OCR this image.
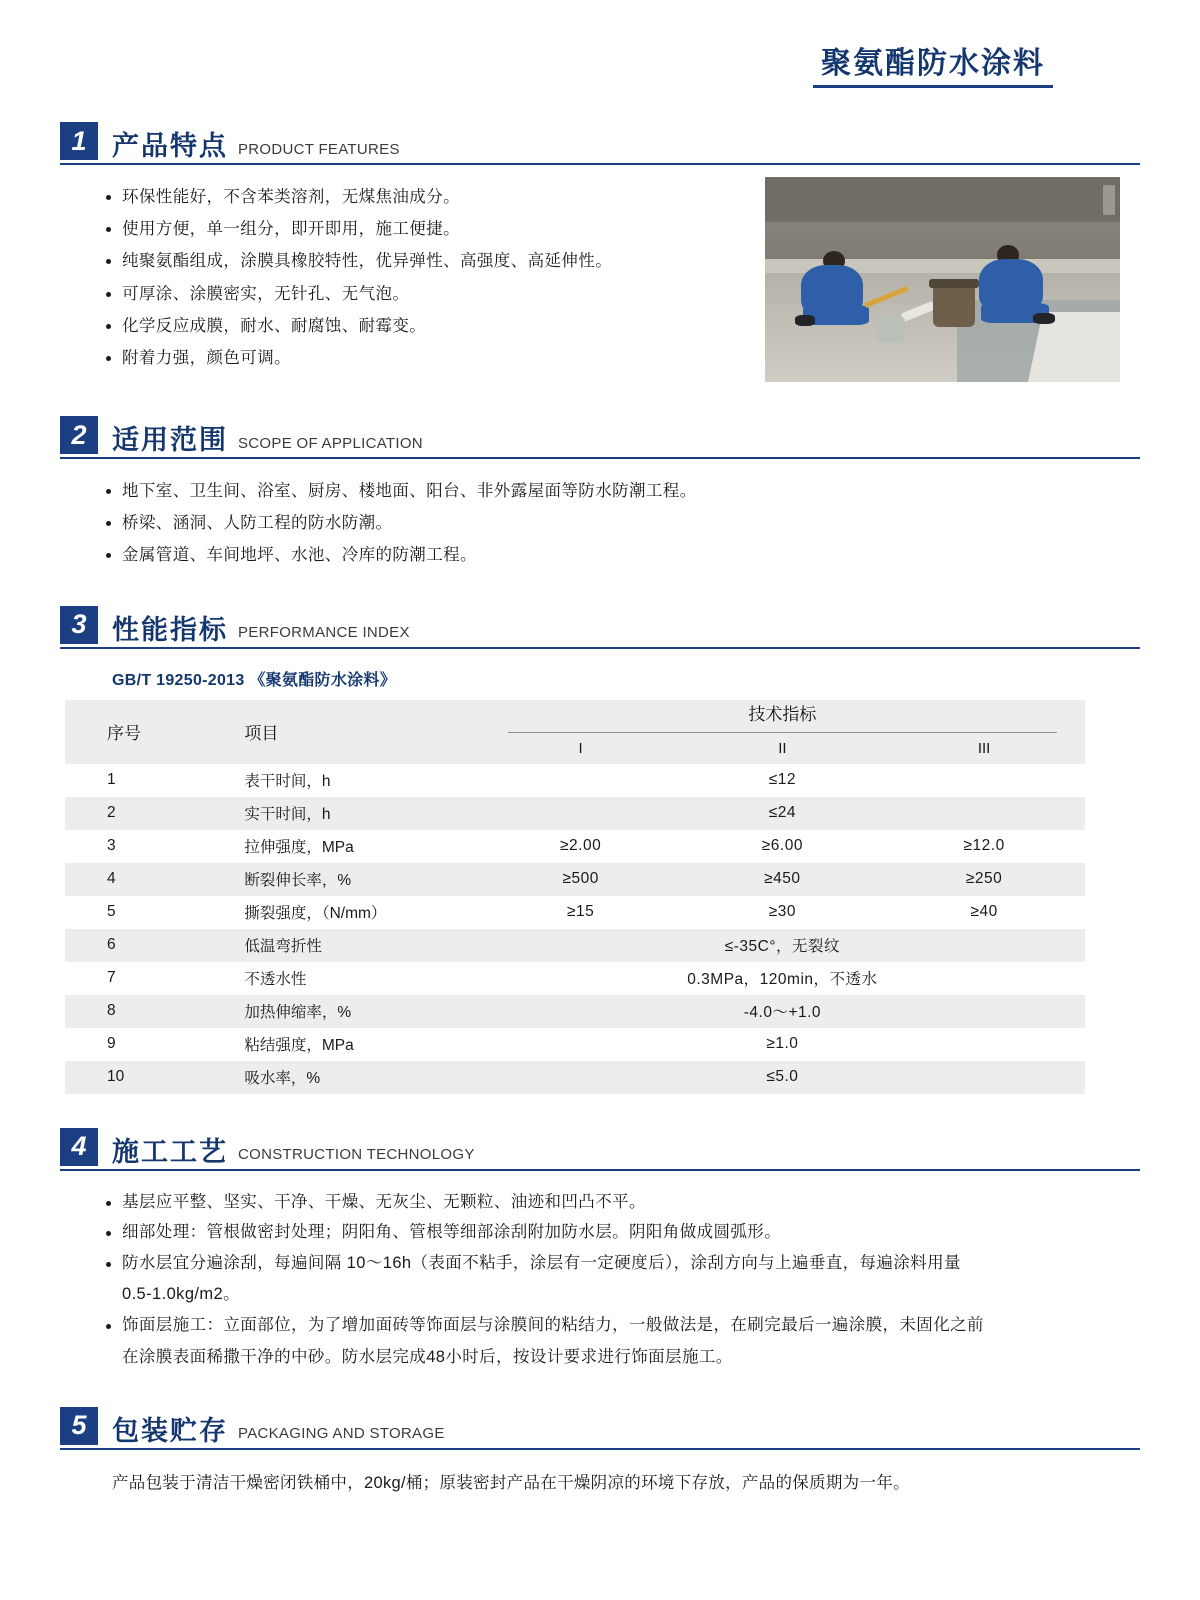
聚氨酯防水涂料
1 产品特点 PRODUCT FEATURES
环保性能好，不含苯类溶剂，无煤焦油成分。
使用方便，单一组分，即开即用，施工便捷。
纯聚氨酯组成，涂膜具橡胶特性，优异弹性、高强度、高延伸性。
可厚涂、涂膜密实，无针孔、无气泡。
化学反应成膜，耐水、耐腐蚀、耐霉变。
附着力强，颜色可调。
2 适用范围 SCOPE OF APPLICATION
地下室、卫生间、浴室、厨房、楼地面、阳台、非外露屋面等防水防潮工程。
桥梁、涵洞、人防工程的防水防潮。
金属管道、车间地坪、水池、冷库的防潮工程。
3 性能指标 PERFORMANCE INDEX
GB/T 19250-2013 《聚氨酯防水涂料》
序号	项目	技术指标		

		I	II	III
1	表干时间，h	≤12		
2	实干时间，h	≤24		
3	拉伸强度，MPa	≥2.00	≥6.00	≥12.0
4	断裂伸长率，%	≥500	≥450	≥250
5	撕裂强度，（N/mm）	≥15	≥30	≥40
6	低温弯折性	≤-35C°，无裂纹		
7	不透水性	0.3MPa，120min，不透水		
8	加热伸缩率，%	-4.0～+1.0		
9	粘结强度，MPa	≥1.0		
10	吸水率，%	≤5.0		
4 施工工艺 CONSTRUCTION TECHNOLOGY
基层应平整、坚实、干净、干燥、无灰尘、无颗粒、油迹和凹凸不平。
细部处理：管根做密封处理；阴阳角、管根等细部涂刮附加防水层。阴阳角做成圆弧形。
防水层宜分遍涂刮，每遍间隔 10～16h（表面不粘手，涂层有一定硬度后），涂刮方向与上遍垂直，每遍涂料用量
0.5-1.0kg/m2。
饰面层施工：立面部位，为了增加面砖等饰面层与涂膜间的粘结力，一般做法是，在刷完最后一遍涂膜，未固化之前
在涂膜表面稀撒干净的中砂。防水层完成48小时后，按设计要求进行饰面层施工。
5 包装贮存 PACKAGING AND STORAGE
产品包装于清洁干燥密闭铁桶中，20kg/桶；原装密封产品在干燥阴凉的环境下存放，产品的保质期为一年。
